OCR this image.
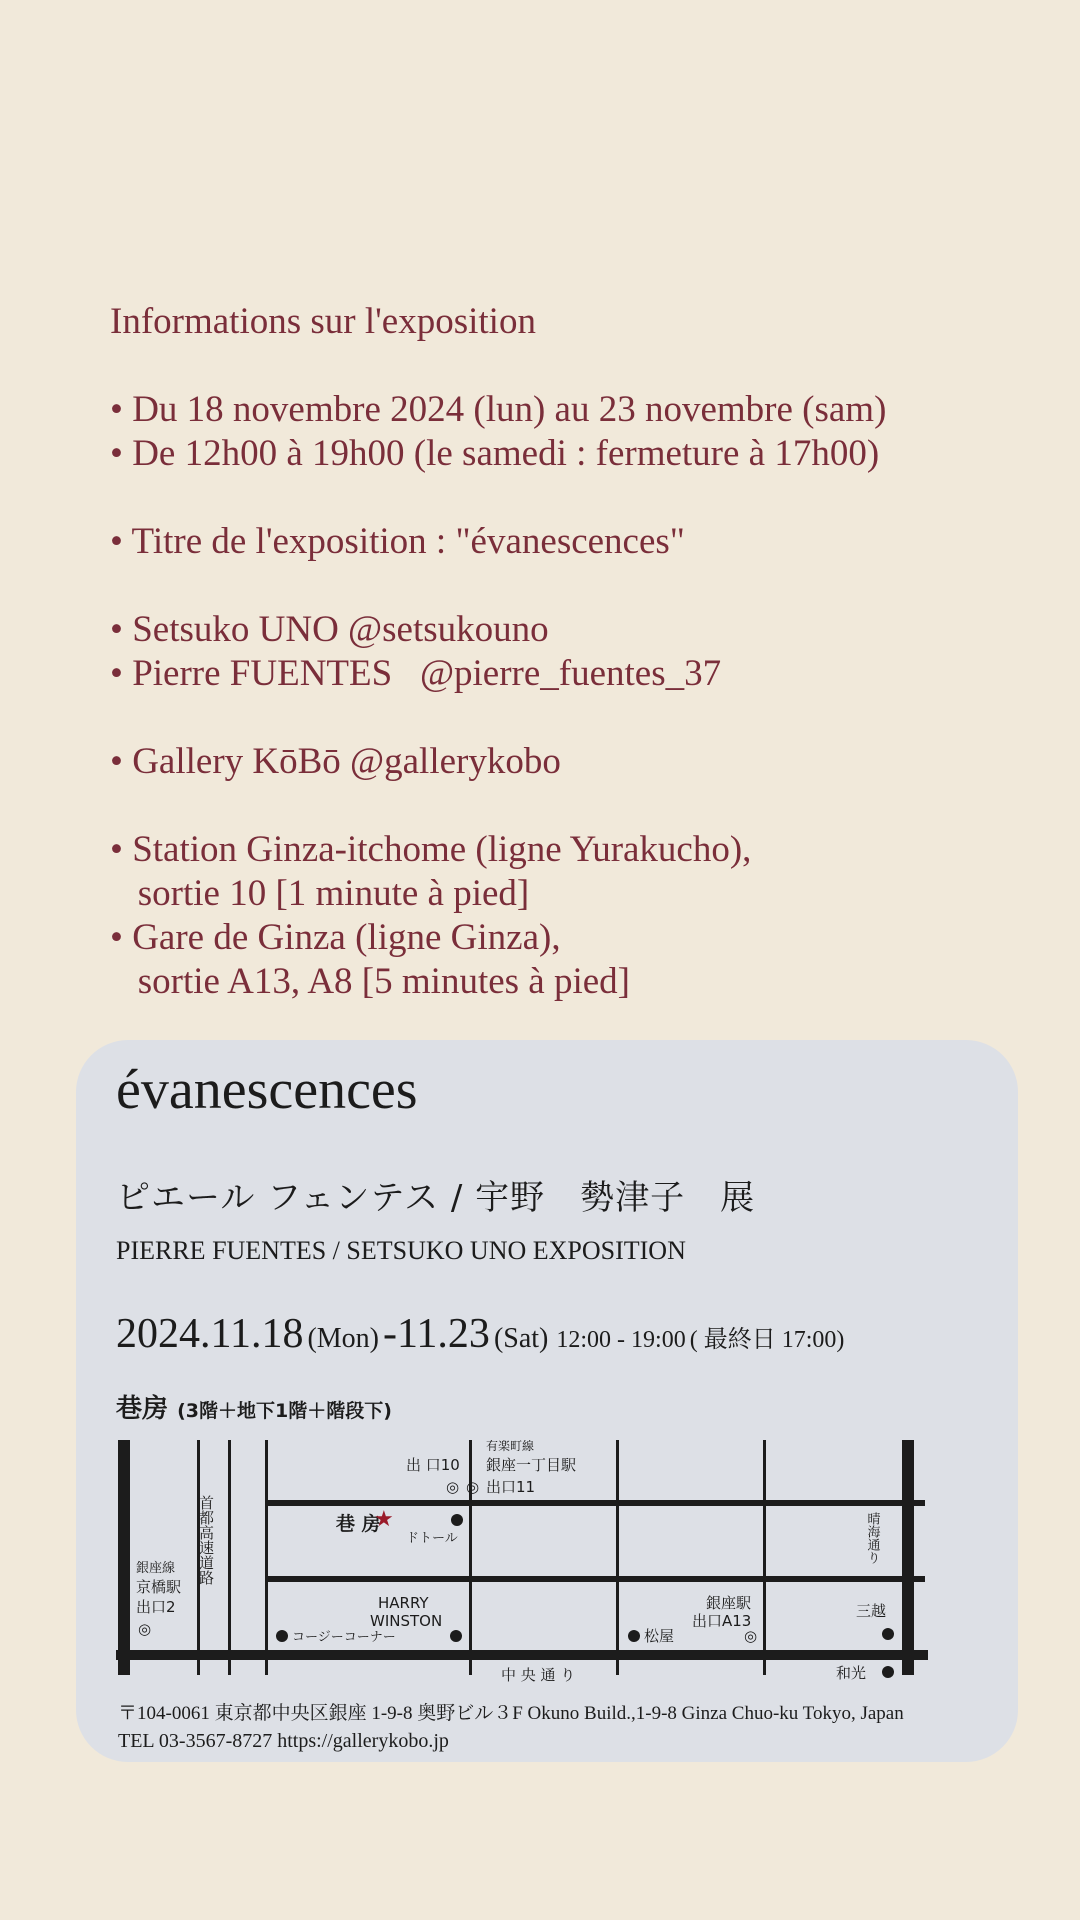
Informations sur l'exposition
• Du 18 novembre 2024 (lun) au 23 novembre (sam)
• De 12h00 à 19h00 (le samedi : fermeture à 17h00)
• Titre de l'exposition : "évanescences"
• Setsuko UNO @setsukouno
• Pierre FUENTES   @pierre_fuentes_37
• Gallery KōBō @gallerykobo
• Station Ginza-itchome (ligne Yurakucho),
sortie 10 [1 minute à pied]
• Gare de Ginza (ligne Ginza),
sortie A13, A8 [5 minutes à pied]
évanescences
ピエール フェンテス / 宇野　勢津子　展
PIERRE FUENTES / SETSUKO UNO EXPOSITION
2024.11.18 (Mon) -11.23 (Sat) 12:00 - 19:00 ( 最終日 17:00)
巷房 (3階＋地下1階＋階段下)
首都高速道路
銀座線
京橋駅
出口2
◎
出 口10
有楽町線
銀座一丁目駅
◎ ◎ 出口11
巷 房
★
ドトール
HARRY
WINSTON
コージーコーナー	松屋
銀座駅
出口A13
◎
晴海通り
三越
和光
中 央 通 り
〒104-0061 東京都中央区銀座 1-9-8 奥野ビル３F Okuno Build.,1-9-8 Ginza Chuo-ku Tokyo, Japan
TEL 03-3567-8727 https://gallerykobo.jp
